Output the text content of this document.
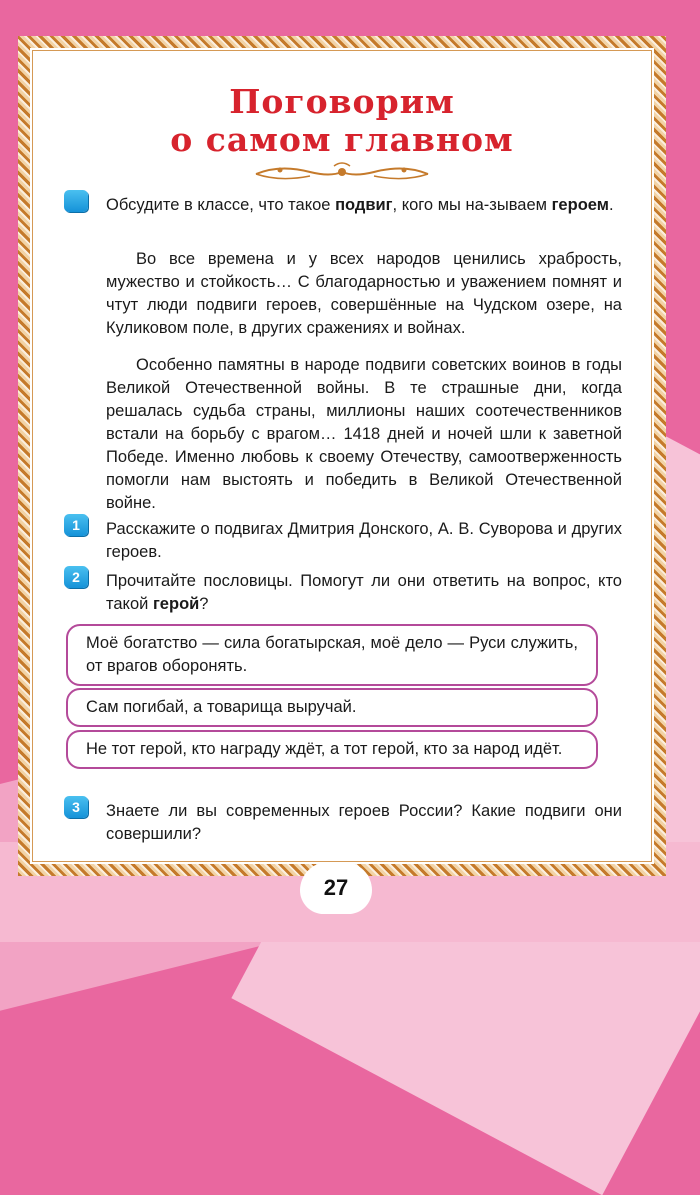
Поговорим
о самом главном

Обсудите в классе, что такое подвиг, кого мы на-зываем героем.

Во все времена и у всех народов ценились храбрость, мужество и стойкость… С благодарностью и уважением помнят и чтут люди подвиги героев, совершённые на Чудском озере, на Куликовом поле, в других сражениях и войнах.

Особенно памятны в народе подвиги советских воинов в годы Великой Отечественной войны. В те страшные дни, когда решалась судьба страны, миллионы наших соотечественников встали на борьбу с врагом… 1418 дней и ночей шли к заветной Победе. Именно любовь к своему Отечеству, самоотверженность помогли нам выстоять и победить в Великой Отечественной войне.

1	Расскажите о подвигах Дмитрия Донского, А. В. Суворова и других героев.

2	Прочитайте пословицы. Помогут ли они ответить на вопрос, кто такой герой?

Моё богатство — сила богатырская, моё дело — Руси служить, от врагов оборонять.
Сам погибай, а товарища выручай.
Не тот герой, кто награду ждёт, а тот герой, кто за народ идёт.
3	Знаете ли вы современных героев России? Какие подвиги они совершили?

27
